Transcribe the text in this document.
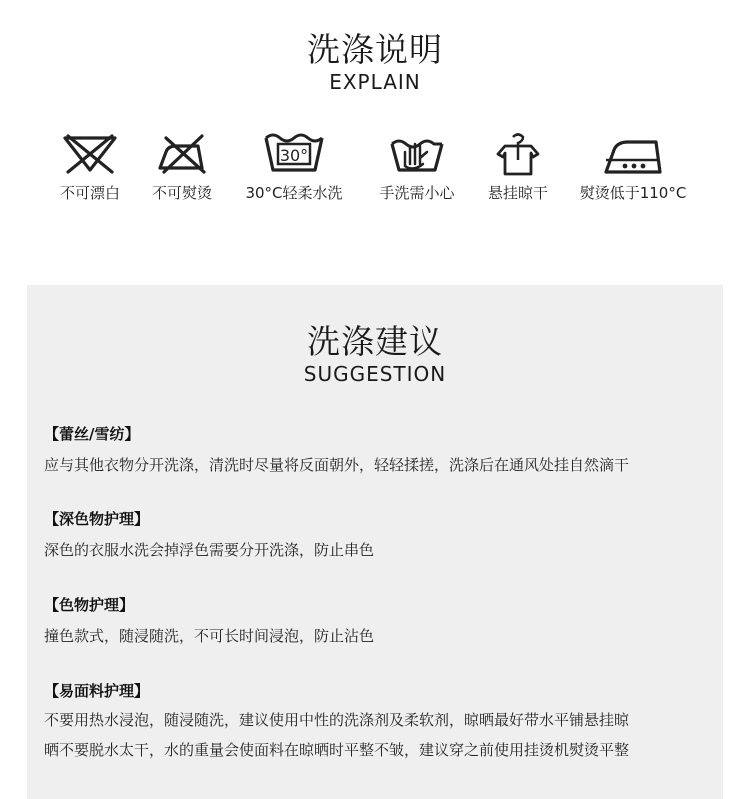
洗涤说明
EXPLAIN
不可漂白	不可熨烫
30°
30°C轻柔水洗	手洗需小心	悬挂晾干	熨烫低于110°C
洗涤建议
SUGGESTION
【蕾丝/雪纺】
应与其他衣物分开洗涤，清洗时尽量将反面朝外，轻轻揉搓，洗涤后在通风处挂自然滴干
【深色物护理】
深色的衣服水洗会掉浮色需要分开洗涤，防止串色
【色物护理】
撞色款式，随浸随洗，不可长时间浸泡，防止沾色
【易面料护理】
不要用热水浸泡，随浸随洗，建议使用中性的洗涤剂及柔软剂，晾晒最好带水平铺悬挂晾
晒不要脱水太干，水的重量会使面料在晾晒时平整不皱，建议穿之前使用挂烫机熨烫平整
